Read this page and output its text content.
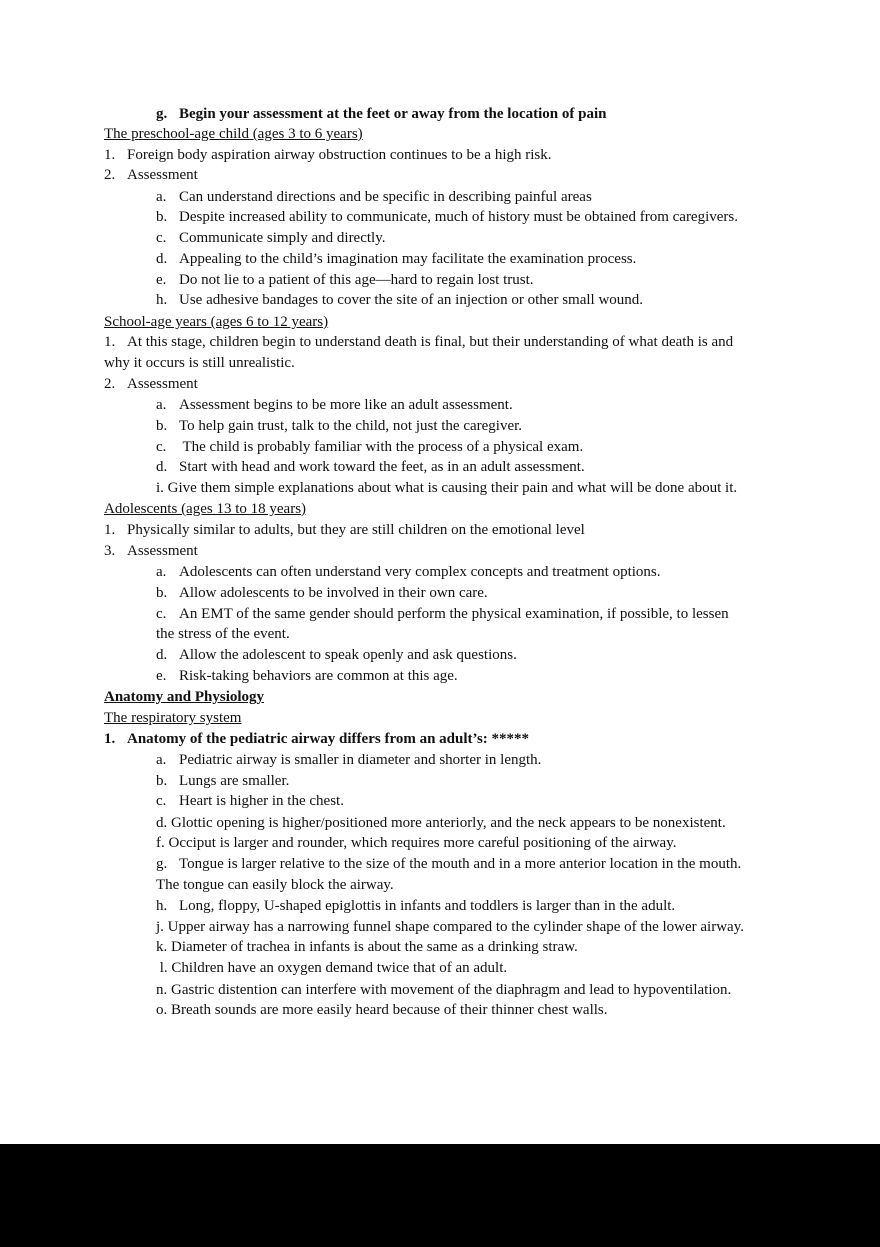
g. Begin your assessment at the feet or away from the location of pain
The preschool-age child (ages 3 to 6 years)
1. Foreign body aspiration airway obstruction continues to be a high risk.
2. Assessment
a. Can understand directions and be specific in describing painful areas
b. Despite increased ability to communicate, much of history must be obtained from caregivers.
c. Communicate simply and directly.
d. Appealing to the child’s imagination may facilitate the examination process.
e. Do not lie to a patient of this age—hard to regain lost trust.
h. Use adhesive bandages to cover the site of an injection or other small wound.
School-age years (ages 6 to 12 years)
1. At this stage, children begin to understand death is final, but their understanding of what death is and
why it occurs is still unrealistic.
2. Assessment
a. Assessment begins to be more like an adult assessment.
b. To help gain trust, talk to the child, not just the caregiver.
c. The child is probably familiar with the process of a physical exam.
d. Start with head and work toward the feet, as in an adult assessment.
i. Give them simple explanations about what is causing their pain and what will be done about it.
Adolescents (ages 13 to 18 years)
1. Physically similar to adults, but they are still children on the emotional level
3. Assessment
a. Adolescents can often understand very complex concepts and treatment options.
b. Allow adolescents to be involved in their own care.
c. An EMT of the same gender should perform the physical examination, if possible, to lessen
the stress of the event.
d. Allow the adolescent to speak openly and ask questions.
e. Risk-taking behaviors are common at this age.
Anatomy and Physiology
The respiratory system
1. Anatomy of the pediatric airway differs from an adult’s: *****
a. Pediatric airway is smaller in diameter and shorter in length.
b. Lungs are smaller.
c. Heart is higher in the chest.
d. Glottic opening is higher/positioned more anteriorly, and the neck appears to be nonexistent.
f. Occiput is larger and rounder, which requires more careful positioning of the airway.
g. Tongue is larger relative to the size of the mouth and in a more anterior location in the mouth.
The tongue can easily block the airway.
h. Long, floppy, U-shaped epiglottis in infants and toddlers is larger than in the adult.
j. Upper airway has a narrowing funnel shape compared to the cylinder shape of the lower airway.
k. Diameter of trachea in infants is about the same as a drinking straw.
l. Children have an oxygen demand twice that of an adult.
n. Gastric distention can interfere with movement of the diaphragm and lead to hypoventilation.
o. Breath sounds are more easily heard because of their thinner chest walls.
